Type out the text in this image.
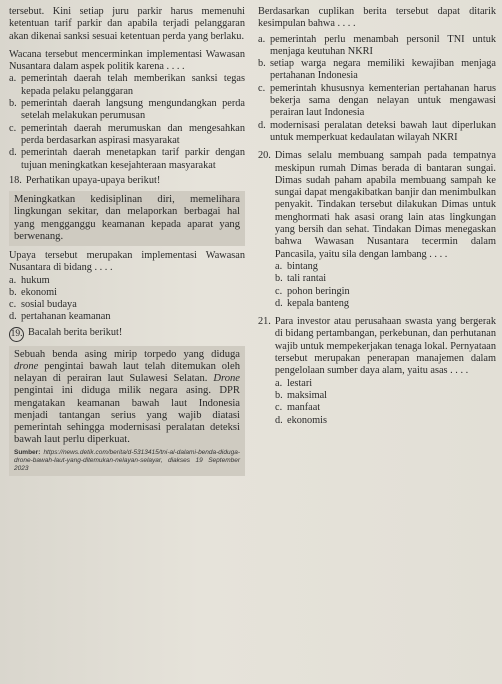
tersebut. Kini setiap juru parkir harus memenuhi ketentuan tarif parkir dan apabila terjadi pelanggaran akan dikenai sanksi sesuai ketentuan perda yang berlaku.

Wacana tersebut mencerminkan implementasi Wawasan Nusantara dalam aspek politik karena . . . .

a. pemerintah daerah telah memberikan sanksi tegas kepada pelaku pelanggaran
b. pemerintah daerah langsung mengundangkan perda setelah melakukan perumusan
c. pemerintah daerah merumuskan dan mengesahkan perda berdasarkan aspirasi masyarakat
d. pemerintah daerah menetapkan tarif parkir dengan tujuan meningkatkan kesejahteraan masyarakat
18. Perhatikan upaya-upaya berikut!
Meningkatkan kedisiplinan diri, memelihara lingkungan sekitar, dan melaporkan berbagai hal yang mengganggu keamanan kepada aparat yang berwenang.

Upaya tersebut merupakan implementasi Wawasan Nusantara di bidang . . . .

a. hukum
b. ekonomi
c. sosial budaya
d. pertahanan keamanan
19. Bacalah berita berikut!
Sebuah benda asing mirip torpedo yang diduga drone pengintai bawah laut telah ditemukan oleh nelayan di perairan laut Sulawesi Selatan. Drone pengintai ini diduga milik negara asing. DPR mengatakan keamanan bawah laut Indonesia menjadi tantangan serius yang wajib diatasi pemerintah sehingga modernisasi peralatan deteksi bawah laut perlu diperkuat.
Sumber: https://news.detik.com/berita/d-5313415/tni-al-dalami-benda-diduga-drone-bawah-laut-yang-ditemukan-nelayan-selayar, diakses 19 September 2023

Berdasarkan cuplikan berita tersebut dapat ditarik kesimpulan bahwa . . . .

a. pemerintah perlu menambah personil TNI untuk menjaga keutuhan NKRI
b. setiap warga negara memiliki kewajiban menjaga pertahanan Indonesia
c. pemerintah khususnya kementerian pertahanan harus bekerja sama dengan nelayan untuk mengawasi perairan laut Indonesia
d. modernisasi peralatan deteksi bawah laut diperlukan untuk memperkuat kedaulatan wilayah NKRI
20. Dimas selalu membuang sampah pada tempatnya meskipun rumah Dimas berada di bantaran sungai. Dimas sudah paham apabila membuang sampah ke sungai dapat mengakibatkan banjir dan menimbulkan penyakit. Tindakan tersebut dilakukan Dimas untuk menghormati hak asasi orang lain atas lingkungan yang bersih dan sehat. Tindakan Dimas menegaskan bahwa Wawasan Nusantara tecermin dalam Pancasila, yaitu sila dengan lambang . . . .
a. bintang
b. tali rantai
c. pohon beringin
d. kepala banteng
21. Para investor atau perusahaan swasta yang bergerak di bidang pertambangan, perkebunan, dan perhutanan wajib untuk mempekerjakan tenaga lokal. Pernyataan tersebut merupakan penerapan manajemen dalam pengelolaan sumber daya alam, yaitu asas . . . .
a. lestari
b. maksimal
c. manfaat
d. ekonomis
